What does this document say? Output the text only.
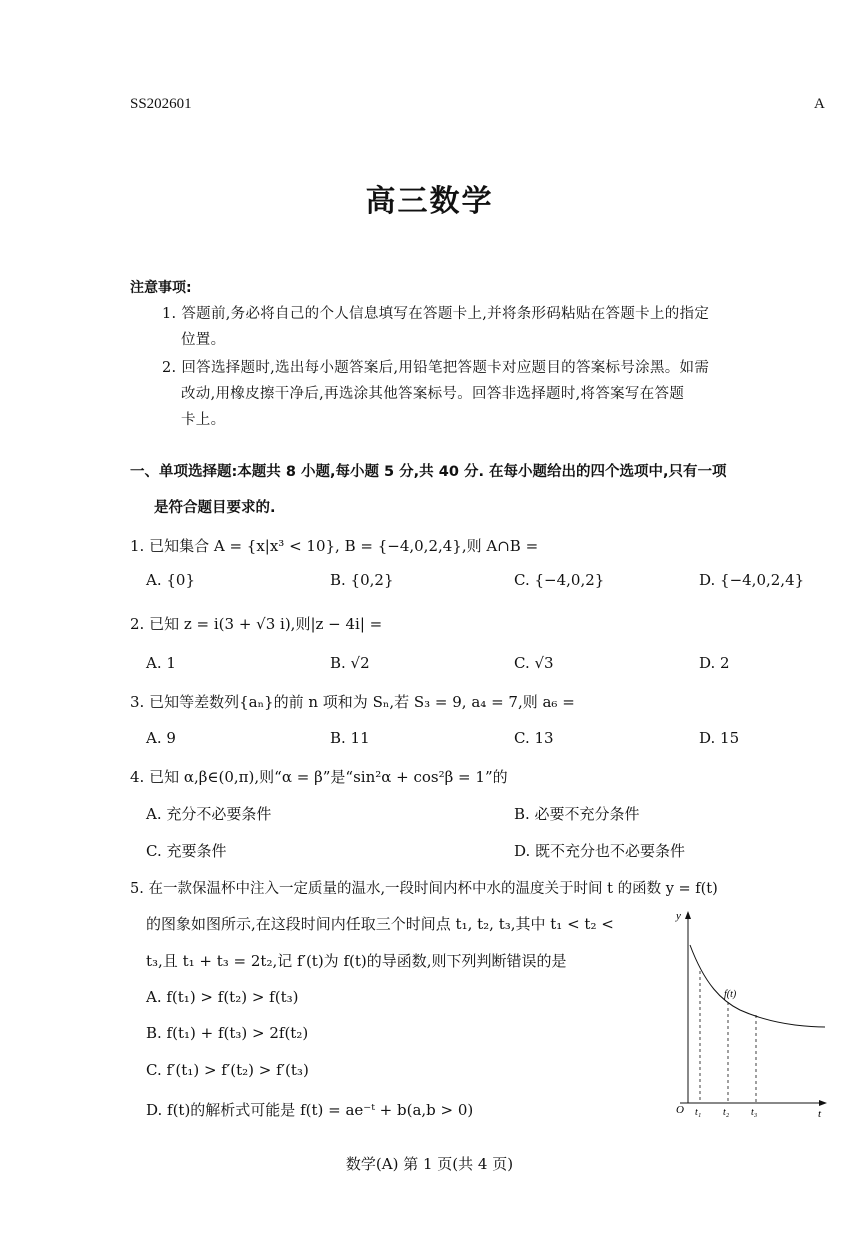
SS202601	A
高三数学
注意事项:
1. 答题前,务必将自己的个人信息填写在答题卡上,并将条形码粘贴在答题卡上的指定
位置。
2. 回答选择题时,选出每小题答案后,用铅笔把答题卡对应题目的答案标号涂黑。如需
改动,用橡皮擦干净后,再选涂其他答案标号。回答非选择题时,将答案写在答题
卡上。
一、单项选择题:本题共 8 小题,每小题 5 分,共 40 分. 在每小题给出的四个选项中,只有一项
是符合题目要求的.
1. 已知集合 A = {x|x³ < 10}, B = {−4,0,2,4},则 A∩B =
A. {0}	B. {0,2}	C. {−4,0,2}	D. {−4,0,2,4}
2. 已知 z = i(3 + √3 i),则|z − 4i| =
A. 1	B. √2	C. √3	D. 2
3. 已知等差数列{aₙ}的前 n 项和为 Sₙ,若 S₃ = 9, a₄ = 7,则 a₆ =
A. 9	B. 11	C. 13	D. 15
4. 已知 α,β∈(0,π),则“α = β”是“sin²α + cos²β = 1”的
A. 充分不必要条件	B. 必要不充分条件
C. 充要条件	D. 既不充分也不必要条件
5. 在一款保温杯中注入一定质量的温水,一段时间内杯中水的温度关于时间 t 的函数 y = f(t)
的图象如图所示,在这段时间内任取三个时间点 t₁, t₂, t₃,其中 t₁ < t₂ <
t₃,且 t₁ + t₃ = 2t₂,记 f′(t)为 f(t)的导函数,则下列判断错误的是
A. f(t₁) > f(t₂) > f(t₃)
B. f(t₁) + f(t₃) > 2f(t₂)
C. f′(t₁) > f′(t₂) > f′(t₃)
D. f(t)的解析式可能是 f(t) = ae⁻ᵗ + b(a,b > 0)
y
t
O
f(t)
t₁ t₂ t₃
数学(A) 第 1 页(共 4 页)
